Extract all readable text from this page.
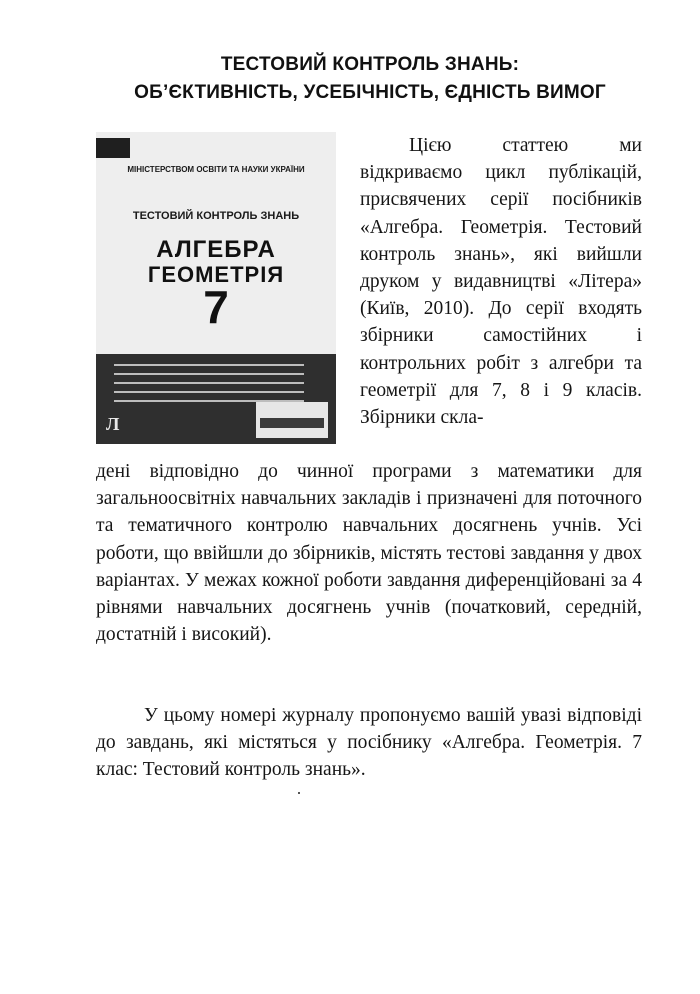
ТЕСТОВИЙ КОНТРОЛЬ ЗНАНЬ:
ОБ’ЄКТИВНІСТЬ, УСЕБІЧНІСТЬ, ЄДНІСТЬ ВИМОГ
МІНІСТЕРСТВОМ ОСВІТИ ТА НАУКИ УКРАЇНИ
ТЕСТОВИЙ КОНТРОЛЬ ЗНАНЬ
АЛГЕБРА
ГЕОМЕТРІЯ
7
Л

Цією статтею ми відкриваємо цикл публікацій, присвячених серії посібників «Алгебра. Геометрія. Тестовий контроль знань», які вийшли друком у видавництві «Літера» (Київ, 2010). До серії входять збірники самостійних і контрольних робіт з алгебри та геометрії для 7, 8 і 9 класів. Збірники скла-

дені відповідно до чинної програми з математики для загальноосвітніх навчальних закладів і призначені для поточного та тематичного контролю навчальних досягнень учнів. Усі роботи, що ввійшли до збірників, містять тестові завдання у двох варіантах. У межах кожної роботи завдання диференційовані за 4 рівнями навчальних досягнень учнів (початковий, середній, достатній і високий).

У цьому номері журналу пропонуємо вашій увазі відповіді до завдань, які містяться у посібнику «Алгебра. Геометрія. 7 клас: Тестовий контроль знань».
